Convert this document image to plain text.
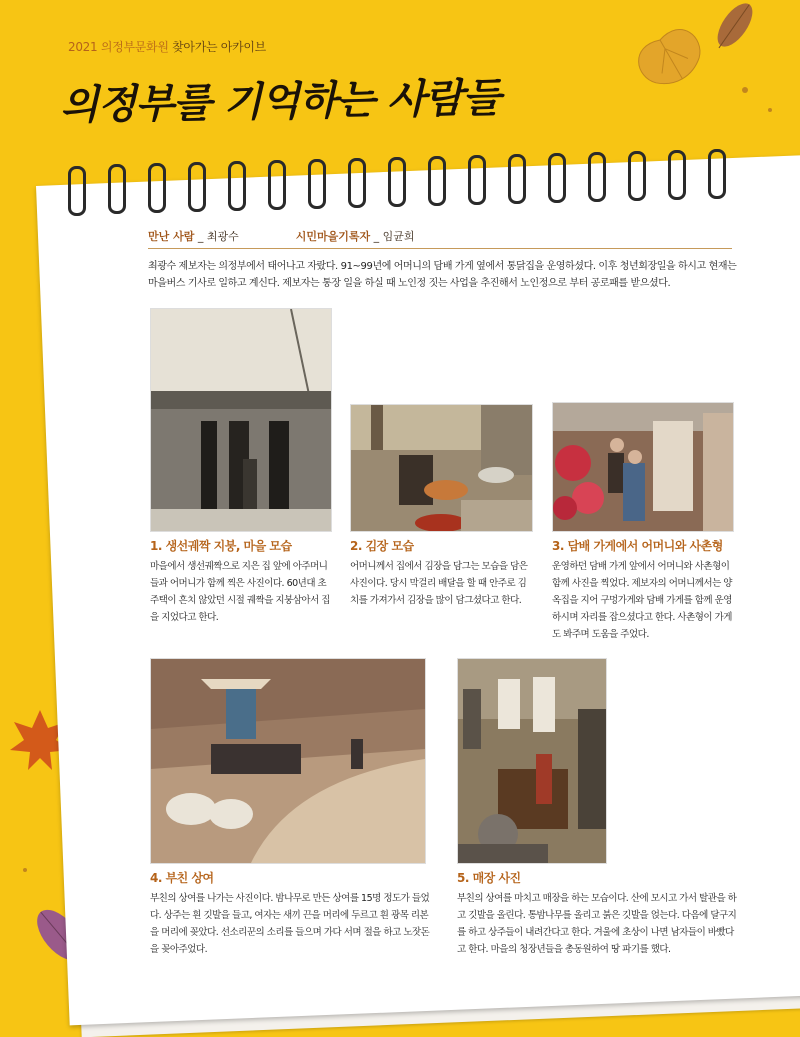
2021 의정부문화원 찾아가는 아카이브
의정부를 기억하는 사람들
만난 사람 _ 최광수	시민마을기록자 _ 임균희
최광수 제보자는 의정부에서 태어나고 자랐다. 91~99년에 어머니의 담배 가게 옆에서 통닭집을 운영하셨다. 이후 청년회장일을 하시고 현재는 마을버스 기사로 일하고 계신다. 제보자는 통장 일을 하실 때 노인정 짓는 사업을 추진해서 노인정으로 부터 공로패를 받으셨다.
1. 생선궤짝 지붕, 마을 모습
마을에서 생선궤짝으로 지은 집 앞에 아주머니들과 어머니가 함께 찍은 사진이다. 60년대 초 주택이 흔치 않았던 시절 궤짝을 지붕삼아서 집을 지었다고 한다.
2. 김장 모습
어머니께서 집에서 김장을 담그는 모습을 담은 사진이다. 당시 막걸리 배달을 할 때 안주로 김치를 가져가서 김장을 많이 담그셨다고 한다.
3. 담배 가게에서 어머니와 사촌형
운영하던 담배 가게 앞에서 어머니와 사촌형이 함께 사진을 찍었다. 제보자의 어머니께서는 양옥집을 지어 구멍가게와 담배 가게를 함께 운영하시며 자리를 잡으셨다고 한다. 사촌형이 가게도 봐주며 도움을 주었다.
4. 부친 상여
부친의 상여를 나가는 사진이다. 밤나무로 만든 상여를 15명 정도가 들었다. 상주는 흰 깃발을 들고, 여자는 새끼 끈을 머리에 두르고 흰 광목 리본을 머리에 꽂았다. 선소리꾼의 소리를 들으며 가다 서며 절을 하고 노잣돈을 꽂아주었다.
5. 매장 사진
부친의 상여를 마치고 매장을 하는 모습이다. 산에 모시고 가서 탈관을 하고 깃발을 올린다. 통밤나무를 올리고 붉은 깃발을 얹는다. 다음에 달구지를 하고 상주들이 내려간다고 한다. 겨울에 초상이 나면 남자들이 바빴다고 한다. 마을의 청장년들을 총동원하여 땅 파기를 했다.
